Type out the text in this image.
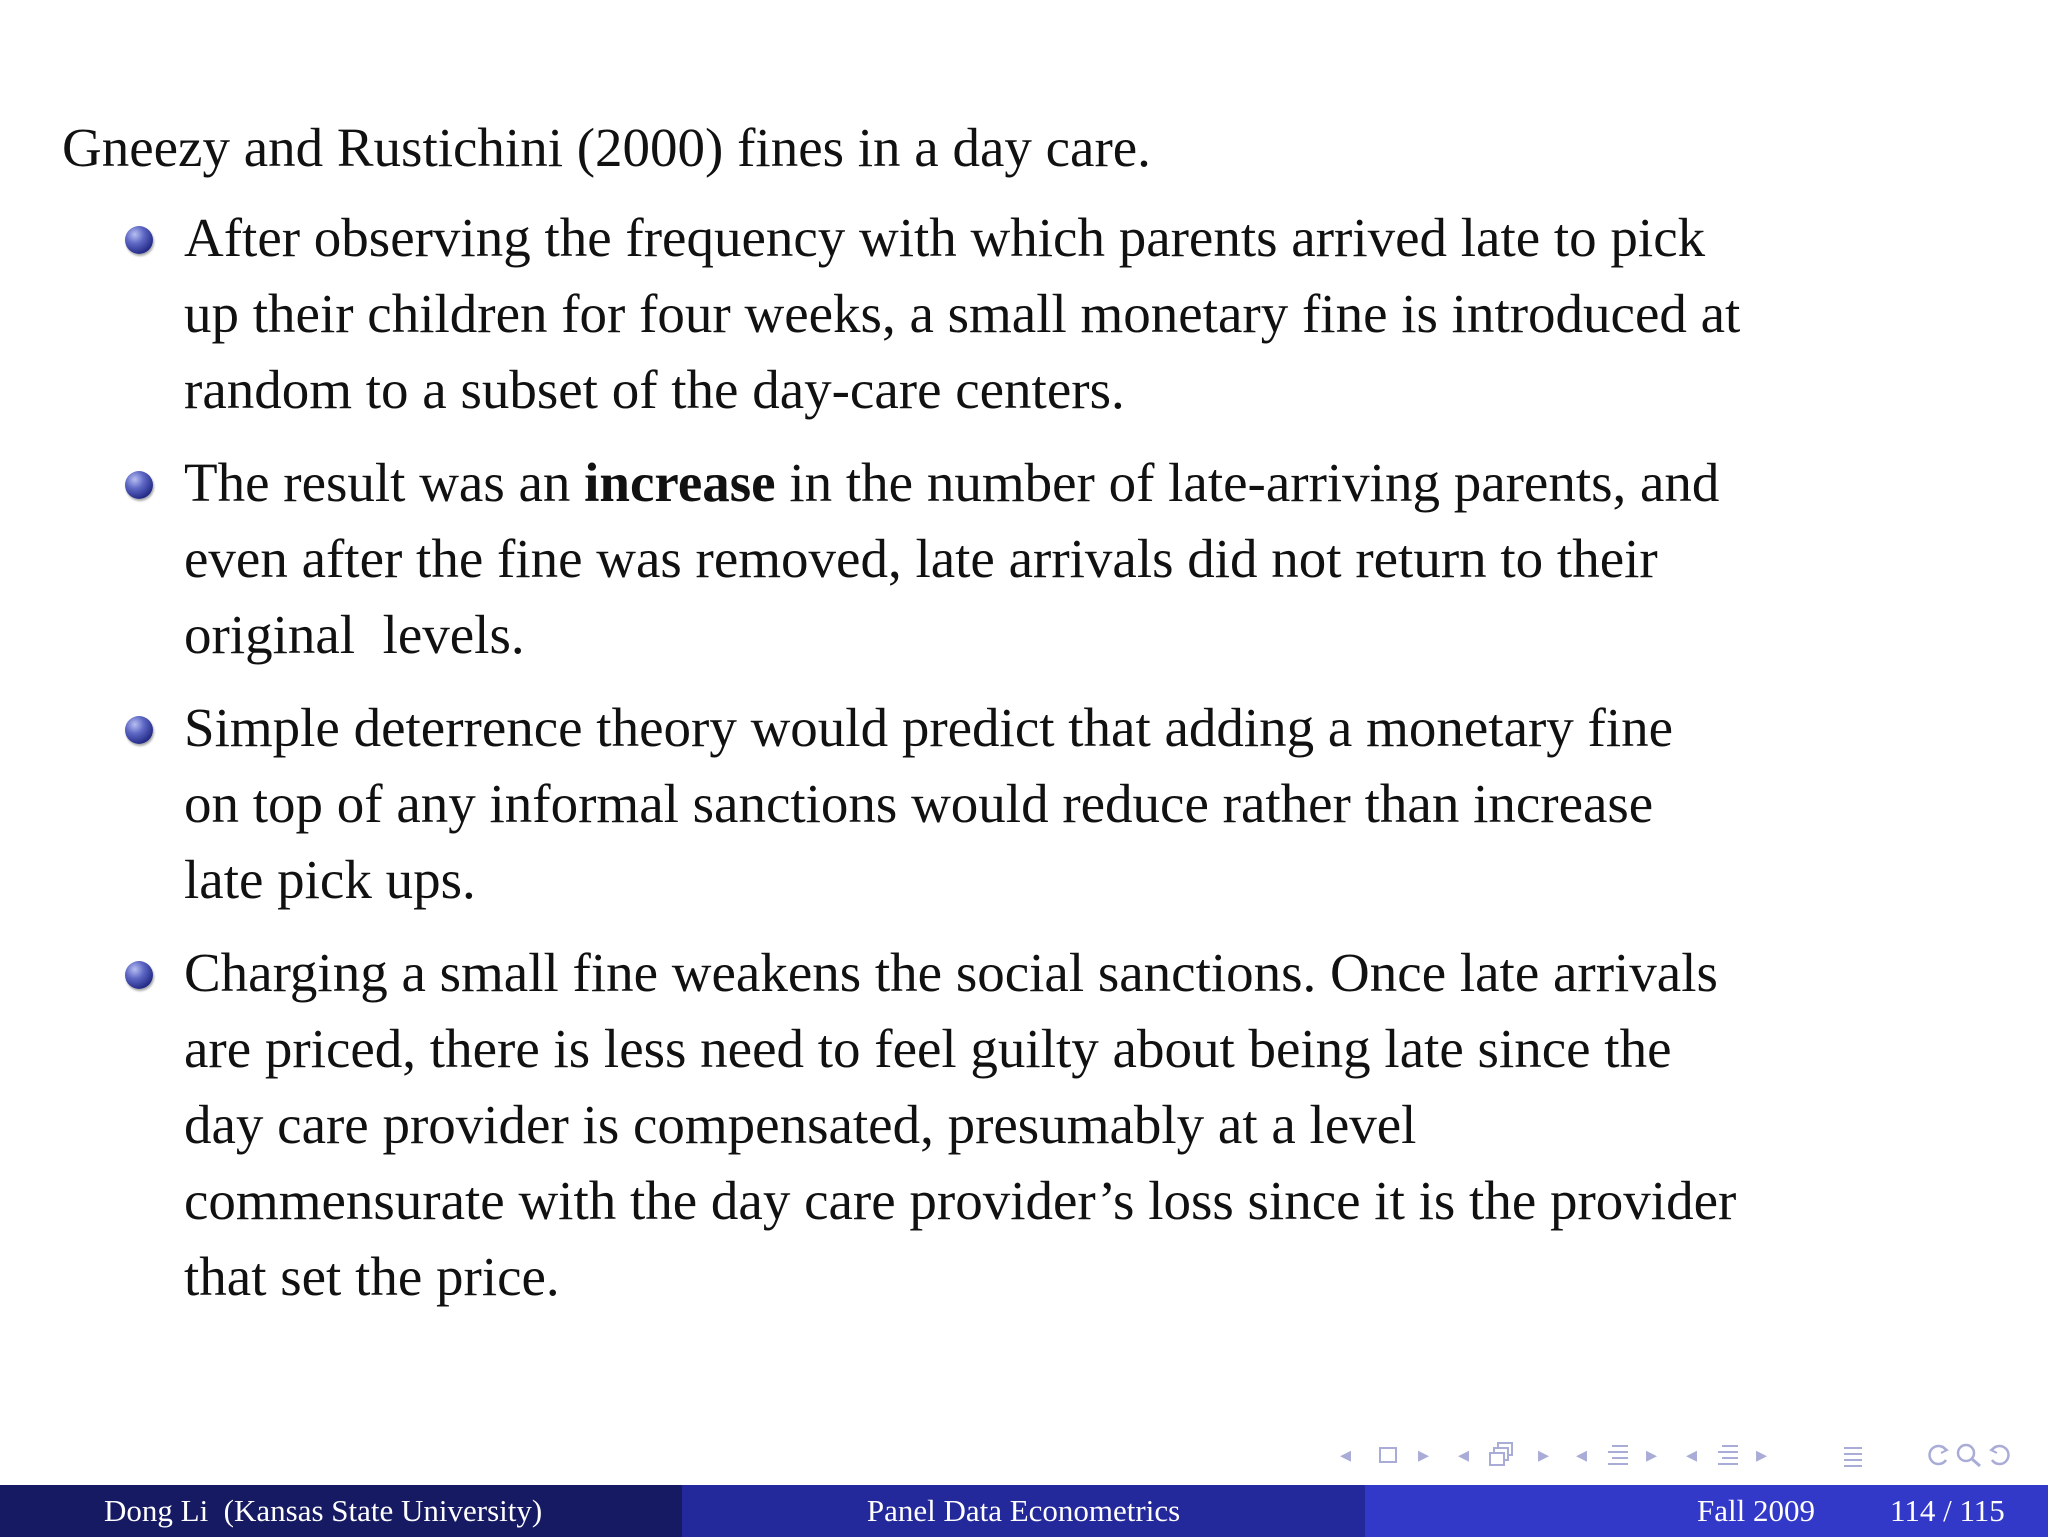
Gneezy and Rustichini (2000) fines in a day care.
After observing the frequency with which parents arrived late to pick
up their children for four weeks, a small monetary fine is introduced at
random to a subset of the day-care centers.
The result was an increase in the number of late-arriving parents, and
even after the fine was removed, late arrivals did not return to their
original  levels.
Simple deterrence theory would predict that adding a monetary fine
on top of any informal sanctions would reduce rather than increase
late pick ups.
Charging a small fine weakens the social sanctions. Once late arrivals
are priced, there is less need to feel guilty about being late since the
day care provider is compensated, presumably at a level
commensurate with the day care provider’s loss since it is the provider
that set the price.
◂	▸ ◂	▸ ◂	▸ ◂	▸
Dong Li  (Kansas State University)	Panel Data Econometrics	Fall 2009 114 / 115
